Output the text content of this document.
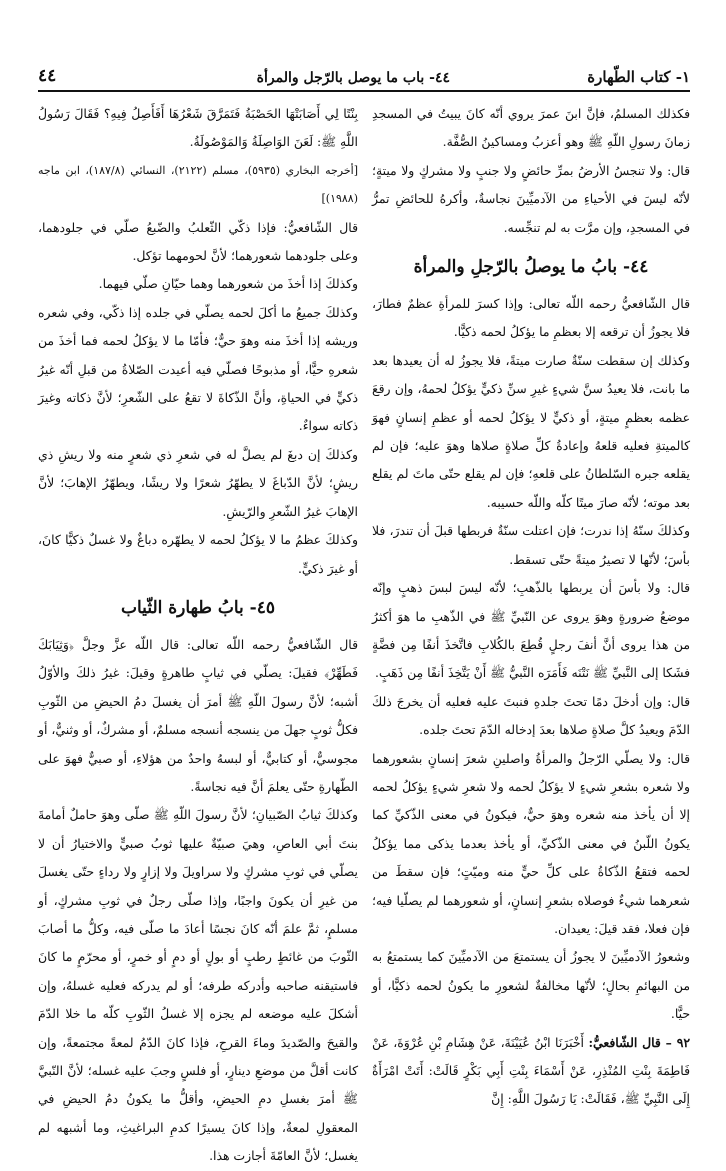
١- كتاب الطّهارة
٤٤- باب ما يوصل بالرّجل والمرأة
٤٤

فكذلك المسلمُ، فإنَّ ابنَ عمرَ يروي أنّه كانَ يبيتُ في المسجدِ زمانَ رسولِ اللّهِ ﷺ وهو أعزبُ ومساكينُ الصُّفَّة.

قال: ولا تنجسُ الأرضُ بمرِّ حائضٍ ولا جنبٍ ولا مشركٍ ولا ميتةٍ؛ لأنّه ليسَ في الأحياءِ من الآدميِّينَ نجاسةٌ، وأكرهُ للحائضِ تمرُّ في المسجدِ، وإن مرَّت به لم تنجِّسه.

٤٤- بابُ ما يوصلُ بالرّجلِ والمرأة

قال الشّافعيُّ رحمه اللّه تعالى: وإذا كسرَ للمرأةِ عظمٌ فطارَ، فلا يجوزُ أن ترقعه إلا بعظمِ ما يؤكلُ لحمه ذكيًّا.

وكذلك إن سقطت سنّةٌ صارت ميتةً، فلا يجوزُ له أن يعيدها بعد ما بانت، فلا يعيدُ سنَّ شيءٍ غيرِ سنِّ ذكيٍّ يؤكلُ لحمهُ، وإن رقعَ عظمه بعظمٍ ميتةٍ، أو ذكيٍّ لا يؤكلُ لحمه أو عظمِ إنسانٍ فهوَ كالميتةِ فعليه قلعهُ وإعادةُ كلِّ صلاةٍ صلاها وهوَ عليه؛ فإن لم يقلعه جبره السّلطانُ على قلعهِ؛ فإن لم يقلع حتّى ماتَ لم يقلع بعد موته؛ لأنّه صارَ ميتًا كلّه واللّه حسيبه.

وكذلكَ سنّهُ إذا ندرت؛ فإن اعتلت سنّةٌ فربطها قبلَ أن تندرَ، فلا بأسَ؛ لأنّها لا تصيرُ ميتةً حتّى تسقط.

قال: ولا بأسَ أن يربطها بالذّهبِ؛ لأنّه ليسَ لبسَ ذهبٍ وإنّه موضعُ ضرورةٍ وهوَ يروى عن النّبيِّ ﷺ في الذّهبِ ما هوَ أكثرُ من هذا يروى أنَّ أنفَ رجلٍ قُطِعَ بالكُلابِ فاتَّخذَ أنفًا مِن فضَّةٍ فشَكا إلى النَّبيِّ ﷺ نَتْنَه فَأَمَرَه النَّبيُّ ﷺ أَنْ يَتَّخِذَ أنفًا مِن ذَهَبٍ.

قال: وإن أدخلَ دمًا تحتَ جلدهِ فنبتَ عليه فعليه أن يخرجَ ذلكَ الدّمَ ويعيدُ كلَّ صلاةٍ صلاها بعدَ إدخاله الدّمَ تحتَ جلده.

قال: ولا يصلّي الرّجلُ والمرأةُ واصلينِ شعرَ إنسانٍ بشعورهما ولا شعره بشعرِ شيءٍ لا يؤكلُ لحمه ولا شعرِ شيءٍ يؤكلُ لحمه إلا أن يأخذ منه شعره وهوَ حيٌّ، فيكونُ في معنى الذّكيِّ كما يكونُ اللّبنُ في معنى الذّكيِّ، أو يأخذ بعدما يذكى مما يؤكلُ لحمه فتقعُ الذّكاةُ على كلِّ حيٍّ منه وميّتٍ؛ فإن سقطَ من شعرهما شيءٌ فوصلاه بشعرِ إنسانٍ، أو شعورهما لم يصلّيا فيه؛ فإن فعلا، فقد قيلَ: يعيدان.

وشعورُ الآدميِّينَ لا يجوزُ أن يستمتعَ من الآدميِّينَ كما يستمتعُ به من البهائمِ بحالٍ؛ لأنّها مخالفةٌ لشعورِ ما يكونُ لحمه ذكيًّا، أو حيًّا.

٩٢ – قال الشّافعيُّ: أَخْبَرَنَا ابْنُ عُيَيْنَةَ، عَنْ هِشَامِ بْنِ عُرْوَةَ، عَنْ فَاطِمَةَ بِنْتِ المُنْذِرِ، عَنْ أَسْمَاءَ بِنْتِ أَبِي بَكْرٍ قَالَتْ: أَتَتْ امْرَأَةٌ إِلَى النَّبِيِّ ﷺ، فَقَالَتْ: يَا رَسُولَ اللَّهِ: إِنَّ

بِنْتًا لِي أَصَابَتْهَا الحَصْبَةُ فَتَمَرَّقَ شَعْرُهَا أَفَأَصِلُ فِيهِ؟ فَقَالَ رَسُولُ اللَّهِ ﷺ: لَعَنَ الوَاصِلَةُ وَالمَوْصُولَةُ.

[أخرجه البخاري (٥٩٣٥)، مسلم (٢١٢٢)، النسائي (١٨٧/٨)، ابن ماجه (١٩٨٨)]

قال الشّافعيُّ: فإذا ذكّي الثّعلبُ والضّبعُ صلّي في جلودهما، وعلى جلودهما شعورهما؛ لأنَّ لحومهما تؤكل.

وكذلكَ إذا أخذَ من شعورهما وهما حيّانِ صلّي فيهما.

وكذلكَ جميعُ ما أكلَ لحمه يصلّي في جلده إذا ذكّي، وفي شعره وريشه إذا أخذَ منه وهوَ حيٌّ؛ فأمّا ما لا يؤكلُ لحمه فما أخذَ من شعرهِ حيًّا، أو مذبوحًا فصلّي فيه أعيدت الصّلاةُ من قبلِ أنّه غيرُ ذكيٍّ في الحياةِ، وأنَّ الذّكاةَ لا تقعُ على الشّعرِ؛ لأنَّ ذكاته وغيرَ ذكاته سواءٌ.

وكذلكَ إن دبغَ لم يصلَّ له في شعرِ ذي شعرٍ منه ولا ريشِ ذي ريشٍ؛ لأنَّ الدّباغَ لا يطهّرُ شعرًا ولا ريشًا، ويطهّرُ الإهابَ؛ لأنَّ الإهابَ غيرُ الشّعرِ والرّيشِ.

وكذلكَ عظمُ ما لا يؤكلُ لحمه لا يطهّره دباغٌ ولا غسلٌ ذكيًّا كانَ، أو غيرَ ذكيٍّ.

٤٥- بابُ طهارة الثّياب

قال الشّافعيُّ رحمه اللّه تعالى: قال اللّه عزَّ وجلَّ ﴿وَثِيَابَكَ فَطَهِّرْ﴾ فقيلَ: يصلّي في ثيابٍ طاهرةٍ وقيلَ: غيرُ ذلكَ والأوّلُ أشبه؛ لأنَّ رسولَ اللّهِ ﷺ أمرَ أن يغسلَ دمُ الحيضِ من الثّوبِ فكلُّ ثوبٍ جهلَ من ينسجه أنسجه مسلمٌ، أو مشركٌ، أو وثنيٌّ، أو مجوسيٌّ، أو كتابيٌّ، أو لبسهُ واحدٌ من هؤلاءِ، أو صبيٌّ فهوَ على الطّهارةِ حتّى يعلمَ أنَّ فيه نجاسةً.

وكذلكَ ثيابُ الصّبيانِ؛ لأنَّ رسولَ اللّهِ ﷺ صلّى وهوَ حاملٌ أمامةَ بنتَ أبي العاصِ، وهيَ صبيّةٌ عليها ثوبُ صبيٍّ والاختيارُ أن لا يصلّي في ثوبِ مشركٍ ولا سراويلَ ولا إزارٍ ولا رداءٍ حتّى يغسلَ من غيرِ أن يكونَ واجبًا، وإذا صلّى رجلٌ في ثوبِ مشركٍ، أو مسلمٍ، ثمَّ علمَ أنّه كانَ نجسًا أعادَ ما صلّى فيه، وكلُّ ما أصابَ الثّوبَ من غائطٍ رطبٍ أو بولٍ أو دمٍ أو خمرٍ، أو محرّمٍ ما كانَ فاستيقنه صاحبه وأدركه طرفه؛ أو لم يدركه فعليه غسلهُ، وإن أشكلَ عليه موضعه لم يجزه إلا غسلُ الثّوبِ كلّه ما خلا الدّمَ والقيحَ والصّديدَ وماءَ القرحِ، فإذا كانَ الدّمُ لمعةً مجتمعةً، وإن كانت أقلَّ من موضعِ دينارٍ، أو فلسٍ وجبَ عليه غسله؛ لأنَّ النّبيَّ ﷺ أمرَ بغسلِ دمِ الحيضِ، وأقلُّ ما يكونُ دمُ الحيضِ في المعقولِ لمعةٌ، وإذا كانَ يسيرًا كدمِ البراغيثِ، وما أشبهه لم يغسل؛ لأنَّ العامّةَ أجازت هذا.
